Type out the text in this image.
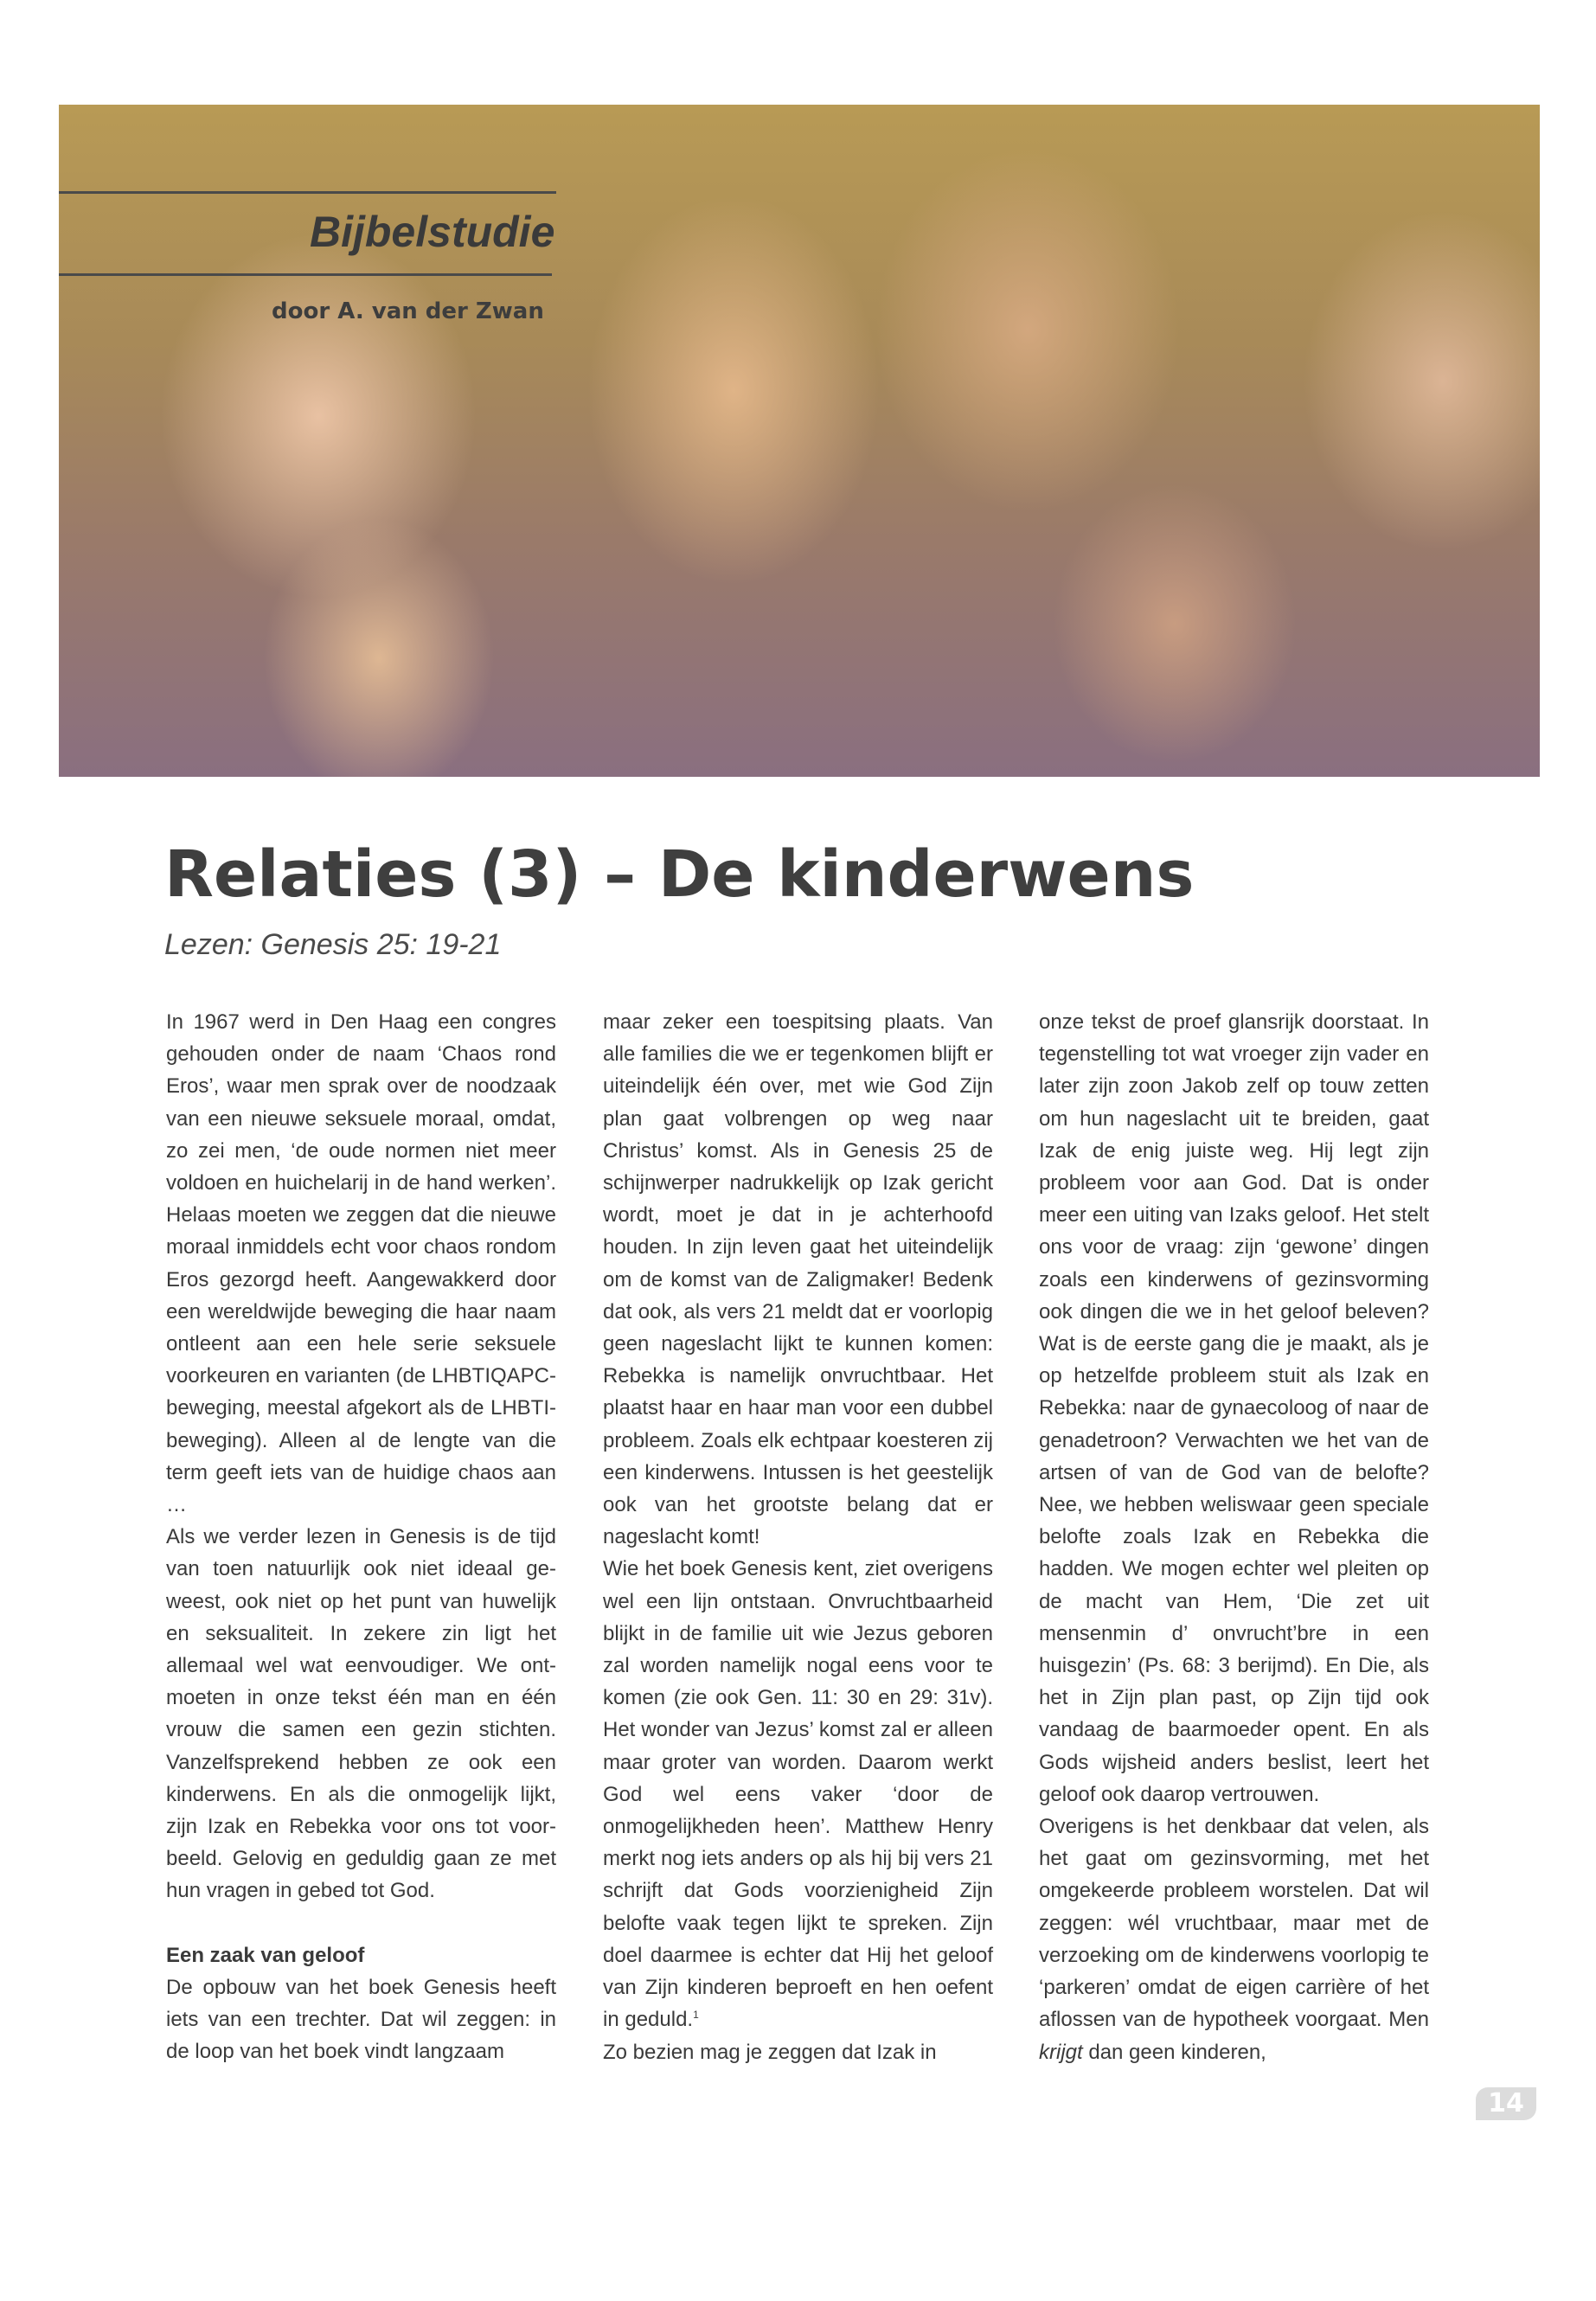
Bijbelstudie
door A. van der Zwan
Relaties (3) – De kinderwens
Lezen: Genesis 25: 19-21

In 1967 werd in Den Haag een congres gehouden onder de naam ‘Chaos rond Eros’, waar men sprak over de noodzaak van een nieuwe seksuele moraal, omdat, zo zei men, ‘de oude normen niet meer voldoen en huichelarij in de hand werken’. Helaas moeten we zeggen dat die nieuwe moraal inmiddels echt voor chaos rondom Eros gezorgd heeft. Aangewakkerd door een wereldwijde beweging die haar naam ontleent aan een hele serie seksuele voorkeuren en varianten (de LHBTIQAPC-beweging, meestal afgekort als de LHBTI-beweging). Alleen al de lengte van die term geeft iets van de huidige chaos aan …

Als we verder lezen in Genesis is de tijd van toen natuurlijk ook niet ideaal geweest, ook niet op het punt van huwelijk en seksualiteit. In zekere zin ligt het allemaal wel wat eenvoudiger. We ontmoeten in onze tekst één man en één vrouw die samen een gezin stichten. Vanzelfsprekend hebben ze ook een kinderwens. En als die onmogelijk lijkt, zijn Izak en Rebekka voor ons tot voorbeeld. Gelovig en geduldig gaan ze met hun vragen in gebed tot God.

Een zaak van geloof

De opbouw van het boek Genesis heeft iets van een trechter. Dat wil zeggen: in de loop van het boek vindt langzaam

maar zeker een toespitsing plaats. Van alle families die we er tegenkomen blijft er uiteindelijk één over, met wie God Zijn plan gaat volbrengen op weg naar Christus’ komst. Als in Genesis 25 de schijnwerper nadrukkelijk op Izak gericht wordt, moet je dat in je achterhoofd houden. In zijn leven gaat het uiteindelijk om de komst van de Zaligmaker! Bedenk dat ook, als vers 21 meldt dat er voorlopig geen nageslacht lijkt te kunnen komen: Rebekka is namelijk onvruchtbaar. Het plaatst haar en haar man voor een dubbel probleem. Zoals elk echtpaar koesteren zij een kinderwens. Intussen is het geestelijk ook van het grootste belang dat er nageslacht komt!

Wie het boek Genesis kent, ziet overigens wel een lijn ontstaan. Onvruchtbaarheid blijkt in de familie uit wie Jezus geboren zal worden namelijk nogal eens voor te komen (zie ook Gen. 11: 30 en 29: 31v). Het wonder van Jezus’ komst zal er alleen maar groter van worden. Daarom werkt God wel eens vaker ‘door de onmogelijkheden heen’. Matthew Henry merkt nog iets anders op als hij bij vers 21 schrijft dat Gods voorzienigheid Zijn belofte vaak tegen lijkt te spreken. Zijn doel daarmee is echter dat Hij het geloof van Zijn kinderen beproeft en hen oefent in geduld.$^1$

Zo bezien mag je zeggen dat Izak in

onze tekst de proef glansrijk doorstaat. In tegenstelling tot wat vroeger zijn vader en later zijn zoon Jakob zelf op touw zetten om hun nageslacht uit te breiden, gaat Izak de enig juiste weg. Hij legt zijn probleem voor aan God. Dat is onder meer een uiting van Izaks geloof. Het stelt ons voor de vraag: zijn ‘gewone’ dingen zoals een kinderwens of gezinsvorming ook dingen die we in het geloof beleven? Wat is de eerste gang die je maakt, als je op hetzelfde probleem stuit als Izak en Rebekka: naar de gynaecoloog of naar de genadetroon? Verwachten we het van de artsen of van de God van de belofte? Nee, we hebben weliswaar geen speciale belofte zoals Izak en Rebekka die hadden. We mogen echter wel pleiten op de macht van Hem, ‘Die zet uit mensenmin d’ onvrucht’bre in een huisgezin’ (Ps. 68: 3 berijmd). En Die, als het in Zijn plan past, op Zijn tijd ook vandaag de baarmoeder opent. En als Gods wijsheid anders beslist, leert het geloof ook daarop vertrouwen.

Overigens is het denkbaar dat velen, als het gaat om gezinsvorming, met het omgekeerde probleem worstelen. Dat wil zeggen: wél vruchtbaar, maar met de verzoeking om de kinderwens voorlopig te ‘parkeren’ omdat de eigen carrière of het aflossen van de hypotheek voorgaat. Men krijgt dan geen kinderen,

14
